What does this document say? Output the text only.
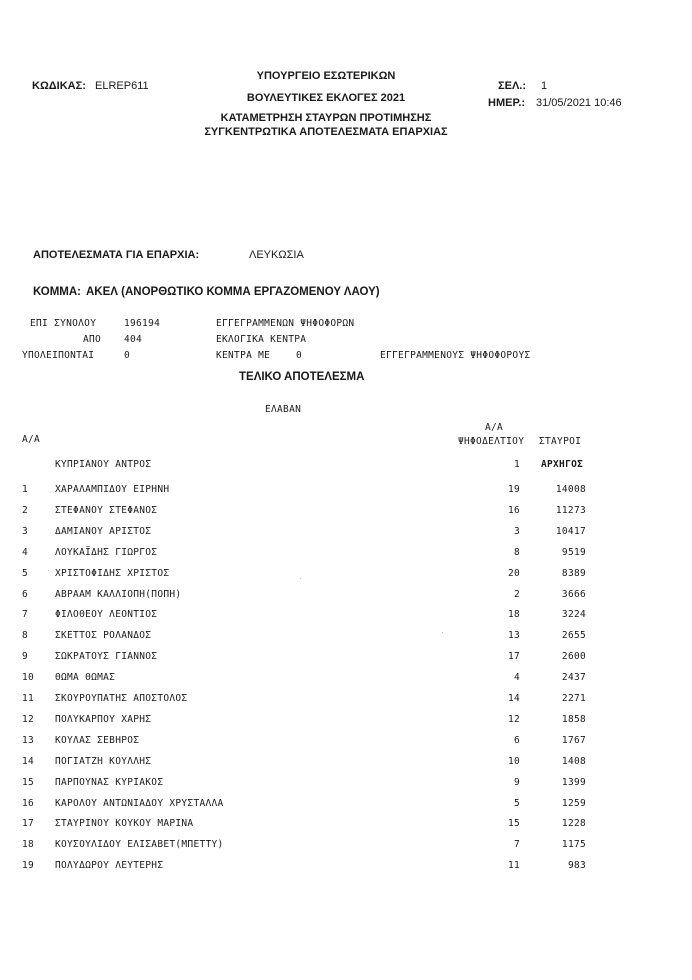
ΚΩΔΙΚΑΣ: ELREP611
ΥΠΟΥΡΓΕΙΟ ΕΣΩΤΕΡΙΚΩΝ
ΒΟΥΛΕΥΤΙΚΕΣ ΕΚΛΟΓΕΣ 2021
ΚΑΤΑΜΕΤΡΗΣΗ ΣΤΑΥΡΩΝ ΠΡΟΤΙΜΗΣΗΣ
ΣΥΓΚΕΝΤΡΩΤΙΚΑ ΑΠΟΤΕΛΕΣΜΑΤΑ ΕΠΑΡΧΙΑΣ
ΣΕΛ.: 1
ΗΜΕΡ.: 31/05/2021 10:46
ΑΠΟΤΕΛΕΣΜΑΤΑ ΓΙΑ ΕΠΑΡΧΙΑ:	ΛΕΥΚΩΣΙΑ
ΚΟΜΜΑ: ΑΚΕΛ (ΑΝΟΡΘΩΤΙΚΟ ΚΟΜΜΑ ΕΡΓΑΖΟΜΕΝΟΥ ΛΑΟΥ)
ΕΠΙ ΣΥΝΟΛΟΥ	196194	ΕΓΓΕΓΡΑΜΜΕΝΩΝ ΨΗΦΟΦΟΡΩΝ
ΑΠΟ 404	ΕΚΛΟΓΙΚΑ ΚΕΝΤΡΑ
ΥΠΟΛΕΙΠΟΝΤΑΙ	0	ΚΕΝΤΡΑ ΜΕ	0	ΕΓΓΕΓΡΑΜΜΕΝΟΥΣ ΨΗΦΟΦΟΡΟΥΣ
ΤΕΛΙΚΟ ΑΠΟΤΕΛΕΣΜΑ
ΕΛΑΒΑΝ
Α/Α
Α/Α
ΨΗΦΟΔΕΛΤΙΟΥ ΣΤΑΥΡΟΙ
ΚΥΠΡΙΑΝΟΥ ΑΝΤΡΟΣ	1 ΑΡΧΗΓΟΣ
1	ΧΑΡΑΛΑΜΠΙΔΟΥ ΕΙΡΗΝΗ	19	14008
2	ΣΤΕΦΑΝΟΥ ΣΤΕΦΑΝΟΣ	16	11273
3	ΔΑΜΙΑΝΟΥ ΑΡΙΣΤΟΣ	3	10417
4	ΛΟΥΚΑΪΔΗΣ ΓΙΩΡΓΟΣ	8	9519
5	ΧΡΙΣΤΟΦΙΔΗΣ ΧΡΙΣΤΟΣ	20	8389
6	ΑΒΡΑΑΜ ΚΑΛΛΙΟΠΗ(ΠΟΠΗ)	2	3666
7	ΦΙΛΟΘΕΟΥ ΛΕΟΝΤΙΟΣ	18	3224
8	ΣΚΕΤΤΟΣ ΡΟΛΑΝΔΟΣ	13	2655
9	ΣΩΚΡΑΤΟΥΣ ΓΙΑΝΝΟΣ	17	2600
10 ΘΩΜΑ ΘΩΜΑΣ	4	2437
11 ΣΚΟΥΡΟΥΠΑΤΗΣ ΑΠΟΣΤΟΛΟΣ	14	2271
12 ΠΟΛΥΚΑΡΠΟΥ ΧΑΡΗΣ	12	1858
13 ΚΟΥΛΑΣ ΣΕΒΗΡΟΣ	6	1767
14 ΠΟΓΙΑΤΖΗ ΚΟΥΛΛΗΣ	10	1408
15 ΠΑΡΠΟΥΝΑΣ ΚΥΡΙΑΚΟΣ	9	1399
16 ΚΑΡΟΛΟΥ ΑΝΤΩΝΙΑΔΟΥ ΧΡΥΣΤΑΛΛΑ	5	1259
17 ΣΤΑΥΡΙΝΟΥ ΚΟΥΚΟΥ ΜΑΡΙΝΑ	15	1228
18 ΚΟΥΣΟΥΛΙΔΟΥ ΕΛΙΣΑΒΕΤ(ΜΠΕΤΤΥ)	7	1175
19 ΠΟΛΥΔΩΡΟΥ ΛΕΥΤΕΡΗΣ	11	983
